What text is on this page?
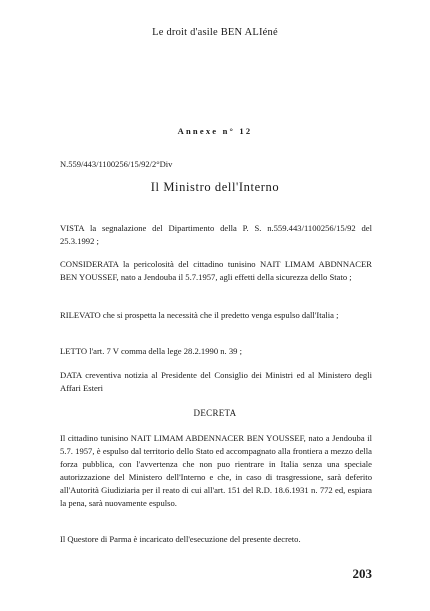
Le droit d'asile BEN ALIéné
Annexe n° 12
N.559/443/1100256/15/92/2°Div
Il Ministro dell'Interno
VISTA la segnalazione del Dipartimento della P. S. n.559.443/1100256/15/92 del 25.3.1992 ;
CONSIDERATA la pericolosità del cittadino tunisino NAIT LIMAM ABDNNACER BEN YOUSSEF, nato a Jendouba il 5.7.1957, agli effetti della sicurezza dello Stato ;
RILEVATO che si prospetta la necessità che il predetto venga espulso dall'Italia ;
LETTO l'art. 7 V comma della lege 28.2.1990 n. 39 ;
DATA creventiva notizia al Presidente del Consiglio dei Ministri ed al Ministero degli Affari Esteri
DECRETA
Il cittadino tunisino NAIT LIMAM ABDENNACER BEN YOUSSEF, nato a Jendouba il 5.7. 1957, è espulso dal territorio dello Stato ed accompagnato alla frontiera a mezzo della forza pubblica, con l'avvertenza che non puo rientrare in Italia senza una speciale autorizzazione del Ministero dell'Interno e che, in caso di trasgressione, sarà deferito all'Autorità Giudiziaria per il reato di cui all'art. 151 del R.D. 18.6.1931 n. 772 ed, espiara la pena, sarà nuovamente espulso.
Il Questore di Parma è incaricato dell'esecuzione del presente decreto.
203
